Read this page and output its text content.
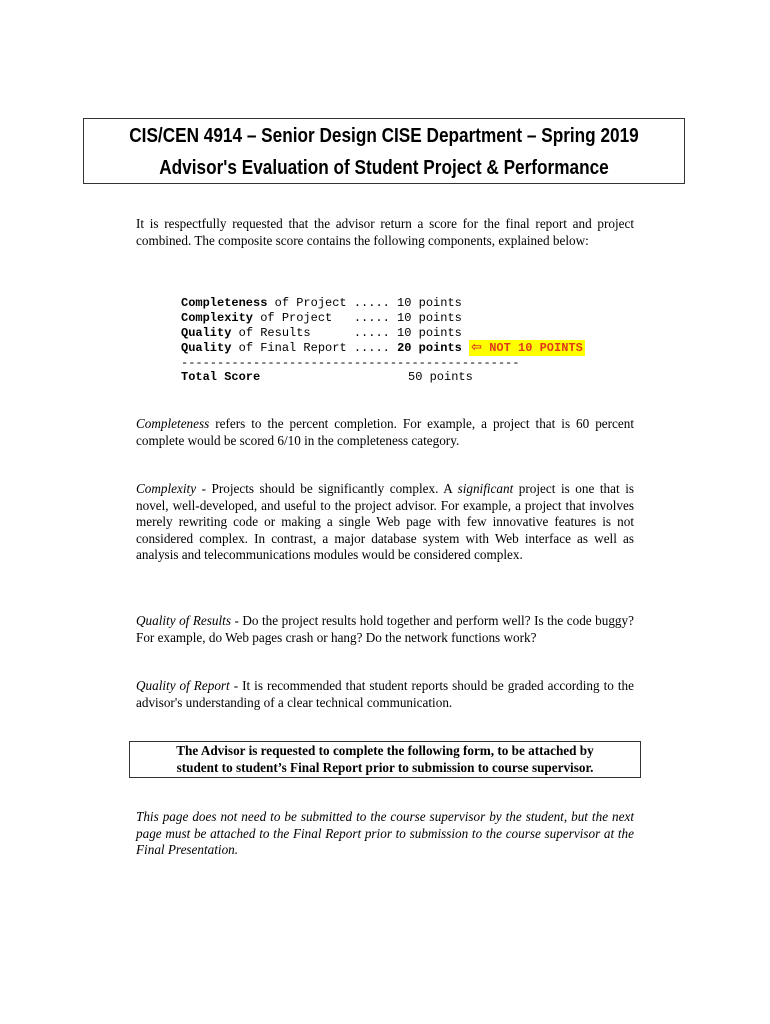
CIS/CEN 4914 – Senior Design CISE Department – Spring 2019
Advisor's Evaluation of Student Project & Performance
It is respectfully requested that the advisor return a score for the final report and project combined. The composite score contains the following components, explained below:
Completeness of Project ..... 10 points
Complexity of Project   ..... 10 points
Quality of Results      ..... 10 points
Quality of Final Report ..... 20 points ⇦ NOT 10 POINTS
-----------------------------------------------
Total Score	50 points
Completeness refers to the percent completion. For example, a project that is 60 percent complete would be scored 6/10 in the completeness category.
Complexity - Projects should be significantly complex. A significant project is one that is novel, well-developed, and useful to the project advisor. For example, a project that involves merely rewriting code or making a single Web page with few innovative features is not considered complex. In contrast, a major database system with Web interface as well as analysis and telecommunications modules would be considered complex.
Quality of Results - Do the project results hold together and perform well? Is the code buggy? For example, do Web pages crash or hang? Do the network functions work?
Quality of Report - It is recommended that student reports should be graded according to the advisor's understanding of a clear technical communication.
The Advisor is requested to complete the following form, to be attached by
student to student’s Final Report prior to submission to course supervisor.
This page does not need to be submitted to the course supervisor by the student, but the next page must be attached to the Final Report prior to submission to the course supervisor at the Final Presentation.
